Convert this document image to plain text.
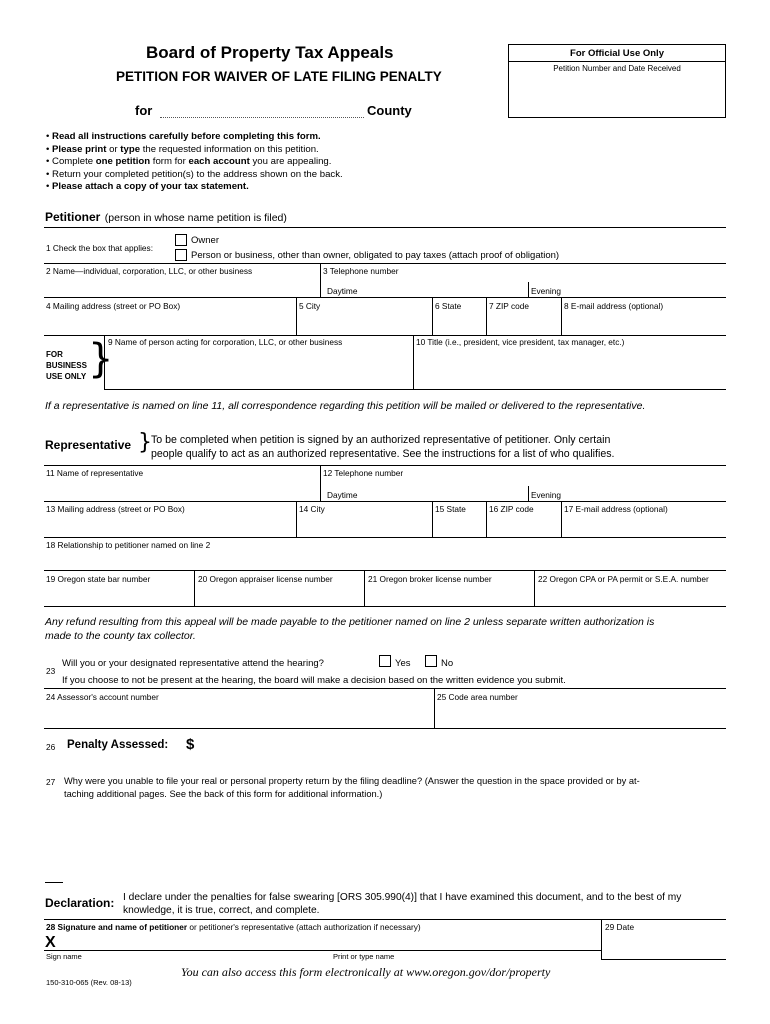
Board of Property Tax Appeals
PETITION FOR WAIVER OF LATE FILING PENALTY
for	County
For Official Use Only
Petition Number and Date Received
• Read all instructions carefully before completing this form.
• Please print or type the requested information on this petition.
• Complete one petition form for each account you are appealing.
• Return your completed petition(s) to the address shown on the back.
• Please attach a copy of your tax statement.
Petitioner (person in whose name petition is filed)
1 Check the box that applies:
Owner
Person or business, other than owner, obligated to pay taxes (attach proof of obligation)
2 Name—individual, corporation, LLC, or other business	3 Telephone number
Daytime	Evening
4 Mailing address (street or PO Box)	5 City	6 State	7 ZIP code	8 E-mail address (optional)
FOR
BUSINESS
USE ONLY }
9 Name of person acting for corporation, LLC, or other business	10 Title (i.e., president, vice president, tax manager, etc.)
If a representative is named on line 11, all correspondence regarding this petition will be mailed or delivered to the representative.
Representative } To be completed when petition is signed by an authorized representative of petitioner. Only certain
people qualify to act as an authorized representative. See the instructions for a list of who qualifies.
11 Name of representative	12 Telephone number
Daytime	Evening
13 Mailing address (street or PO Box)	14 City	15 State	16 ZIP code	17 E-mail address (optional)
18 Relationship to petitioner named on line 2
19 Oregon state bar number	20 Oregon appraiser license number	21 Oregon broker license number	22 Oregon CPA or PA permit or S.E.A. number
Any refund resulting from this appeal will be made payable to the petitioner named on line 2 unless separate written authorization is
made to the county tax collector.
23
Will you or your designated representative attend the hearing?	Yes	No
If you choose to not be present at the hearing, the board will make a decision based on the written evidence you submit.
24 Assessor's account number	25 Code area number
26 Penalty Assessed: $
27 Why were you unable to file your real or personal property return by the filing deadline? (Answer the question in the space provided or by at-
taching additional pages. See the back of this form for additional information.)
Declaration: I declare under the penalties for false swearing [ORS 305.990(4)] that I have examined this document, and to the best of my
knowledge, it is true, correct, and complete.
28 Signature and name of petitioner or petitioner's representative (attach authorization if necessary)	29 Date
X
Sign name	Print or type name
150-310-065 (Rev. 08-13)
You can also access this form electronically at www.oregon.gov/dor/property
